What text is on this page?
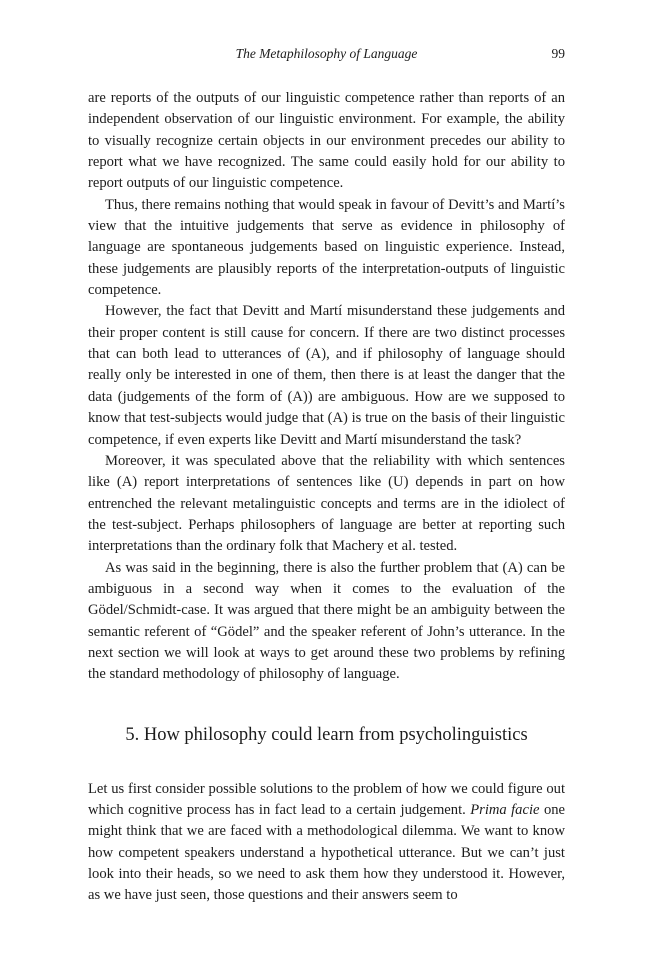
The Metaphilosophy of Language	99

are reports of the outputs of our linguistic competence rather than reports of an independent observation of our linguistic environment. For example, the ability to visually recognize certain objects in our environment precedes our ability to report what we have recognized. The same could easily hold for our ability to report outputs of our linguistic competence.

Thus, there remains nothing that would speak in favour of Devitt’s and Martí’s view that the intuitive judgements that serve as evidence in philosophy of language are spontaneous judgements based on linguistic experience. Instead, these judgements are plausibly reports of the interpretation-outputs of linguistic competence.

However, the fact that Devitt and Martí misunderstand these judgements and their proper content is still cause for concern. If there are two distinct processes that can both lead to utterances of (A), and if philosophy of language should really only be interested in one of them, then there is at least the danger that the data (judgements of the form of (A)) are ambiguous. How are we supposed to know that test-subjects would judge that (A) is true on the basis of their linguistic competence, if even experts like Devitt and Martí misunderstand the task?

Moreover, it was speculated above that the reliability with which sentences like (A) report interpretations of sentences like (U) depends in part on how entrenched the relevant metalinguistic concepts and terms are in the idiolect of the test-subject. Perhaps philosophers of language are better at reporting such interpretations than the ordinary folk that Machery et al. tested.

As was said in the beginning, there is also the further problem that (A) can be ambiguous in a second way when it comes to the evaluation of the Gödel/Schmidt-case. It was argued that there might be an ambiguity between the semantic referent of “Gödel” and the speaker referent of John’s utterance. In the next section we will look at ways to get around these two problems by refining the standard methodology of philosophy of language.

5. How philosophy could learn from psycholinguistics

Let us first consider possible solutions to the problem of how we could figure out which cognitive process has in fact lead to a certain judgement. Prima facie one might think that we are faced with a methodological dilemma. We want to know how competent speakers understand a hypothetical utterance. But we can’t just look into their heads, so we need to ask them how they understood it. However, as we have just seen, those questions and their answers seem to
